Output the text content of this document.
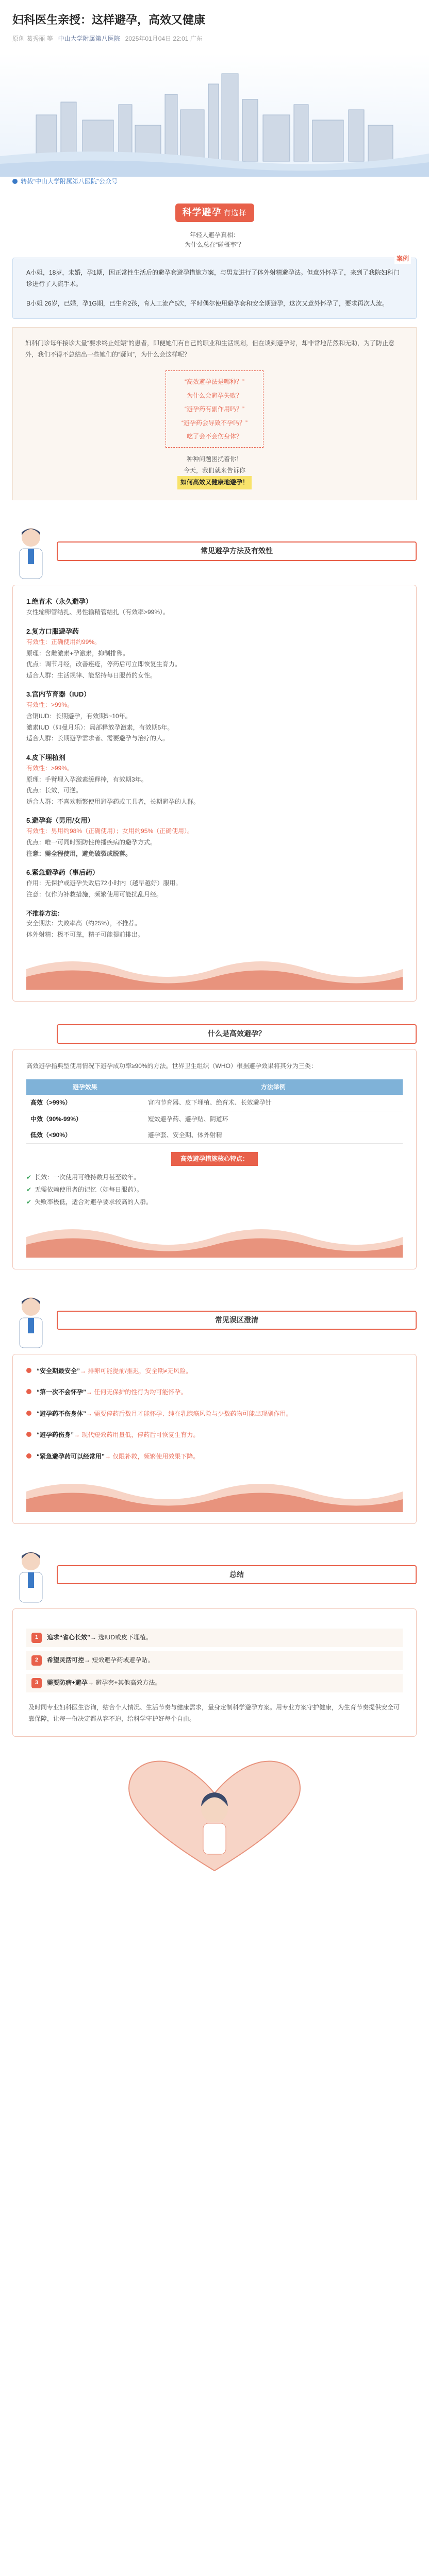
妇科医生亲授：这样避孕，高效又健康
原创 葛秀丽 等 中山大学附属第八医院 2025年01月04日 22:01 广东
转载“中山大学附属第八医院”公众号
科学避孕 有选择
年轻人避孕真相：
为什么总在“碰概率”？
案例

A小姐，18岁，未婚，孕1期，因正常性生活后的避孕套避孕措施方案，与男友进行了体外射精避孕法。但意外怀孕了，来到了我院妇科门诊进行了人流手术。

B小姐 26岁，已婚，孕1G期，已生育2孩，育人工流产5次，平时偶尔使用避孕套和安全期避孕，这次又意外怀孕了，要求再次人流。

妇科门诊每年接诊大量“要求终止妊娠”的患者，即便她们有自己的职业和生活规划，但在谈到避孕时，却非常地茫然和无助，为了防止意外，我们不得不总结出一些她们的“疑问”，为什么会这样呢？
“高效避孕法是哪种？”
为什么会避孕失败？
“避孕药有副作用吗？”
“避孕药会导致不孕吗？”
吃了会不会伤身体？
种种问题困扰着你！
今天，我们就来告诉你
如何高效又健康地避孕！
常见避孕方法及有效性
1.绝育术（永久避孕）

女性输卵管结扎、男性输精管结扎（有效率>99%）。

2.复方口服避孕药

有效性：正确使用约99%。

原理：含雌激素+孕激素，抑制排卵。

优点：调节月经，改善痤疮，停药后可立即恢复生育力。

适合人群：生活规律、能坚持每日服药的女性。

3.宫内节育器（IUD）

有效性：>99%。

含铜IUD：长期避孕，有效期5~10年。

激素IUD（如曼月乐）：局部释放孕激素，有效期5年。

适合人群：长期避孕需求者、需要避孕与治疗的人。

4.皮下埋植剂

有效性：>99%。

原理：手臂埋入孕激素缓释棒，有效期3年。

优点：长效，可逆。

适合人群：不喜欢频繁使用避孕药或工具者，长期避孕的人群。

5.避孕套（男用/女用）

有效性：男用约98%（正确使用）；女用约95%（正确使用）。

优点：唯一可同时预防性传播疾病的避孕方式。

注意：需全程使用，避免破裂或脱落。

6.紧急避孕药（事后药）

作用：无保护或避孕失败后72小时内（越早越好）服用。

注意：仅作为补救措施，频繁使用可能扰乱月经。

不推荐方法：

安全期法：失败率高（约25%），不推荐。

体外射精：极不可靠，精子可能提前排出。

什么是高效避孕？

高效避孕指典型使用情况下避孕成功率≥90%的方法。世界卫生组织（WHO）根据避孕效果将其分为三类：

避孕效果	方法举例
高效（>99%）	宫内节育器、皮下埋植、绝育术、长效避孕针
中效（90%-99%）	短效避孕药、避孕贴、阴道环
低效（<90%）	避孕套、安全期、体外射精
高效避孕措施核心特点：
✔ 长效：一次使用可维持数月甚至数年。
✔ 无需依赖使用者的记忆（如每日服药）。
✔ 失败率极低，适合对避孕要求较高的人群。
常见误区澄清

“安全期最安全”→ 排卵可能提前/推迟，安全期≠无风险。

“第一次不会怀孕”→ 任何无保护的性行为均可能怀孕。

“避孕药不伤身体”→ 需要停药后数月才能怀孕、纯在乳腺癌风险与少数药物可能出现副作用。

“避孕药伤身”→ 现代短效药用量低，停药后可恢复生育力。

“紧急避孕药可以经常用”→ 仅限补救，频繁使用效果下降。

总结
1	追求“省心长效”→ 选IUD或皮下埋植。
2	希望灵活可控→ 短效避孕药或避孕贴。
3	需要防病+避孕→ 避孕套+其他高效方法。

及时同专业妇科医生咨询，结合个人情况、生活节奏与健康需求，量身定制科学避孕方案。用专业方案守护健康，为生育节奏提供安全可靠保障，让每一份决定都从容不迫，给科学守护好每个自由。
